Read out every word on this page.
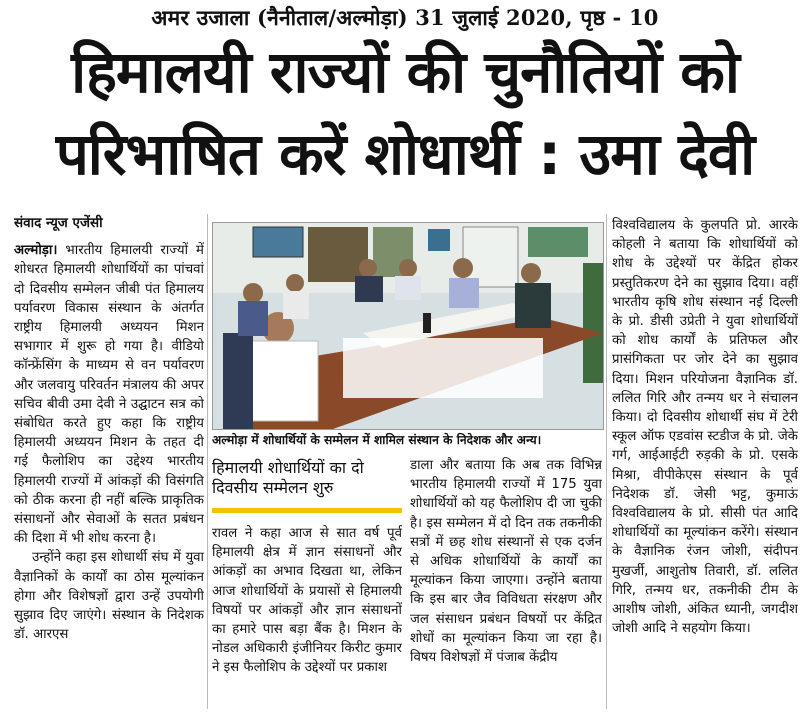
अमर उजाला (नैनीताल/अल्मोड़ा) 31 जुलाई 2020, पृष्ठ - 10
हिमालयी राज्यों की चुनौतियों को
परिभाषित करें शोधार्थी : उमा देवी
संवाद न्यूज एजेंसी

अल्मोड़ा। भारतीय हिमालयी राज्यों में शोधरत हिमालयी शोधार्थियों का पांचवां दो दिवसीय सम्मेलन जीबी पंत हिमालय पर्यावरण विकास संस्थान के अंतर्गत राष्ट्रीय हिमालयी अध्ययन मिशन सभागार में शुरू हो गया है। वीडियो कॉन्फ्रेंसिंग के माध्यम से वन पर्यावरण और जलवायु परिवर्तन मंत्रालय की अपर सचिव बीवी उमा देवी ने उद्घाटन सत्र को संबोधित करते हुए कहा कि राष्ट्रीय हिमालयी अध्ययन मिशन के तहत दी गई फैलोशिप का उद्देश्य भारतीय हिमालयी राज्यों में आंकड़ों की विसंगति को ठीक करना ही नहीं बल्कि प्राकृतिक संसाधनों और सेवाओं के सतत प्रबंधन की दिशा में भी शोध करना है।

उन्होंने कहा इस शोधार्थी संघ में युवा वैज्ञानिकों के कार्यों का ठोस मूल्यांकन होगा और विशेषज्ञों द्वारा उन्हें उपयोगी सुझाव दिए जाएंगे। संस्थान के निदेशक डॉ. आरएस

अल्मोड़ा में शोधार्थियों के सम्मेलन में शामिल संस्थान के निदेशक और अन्य।
हिमालयी शोधार्थियों का दो दिवसीय सम्मेलन शुरु

रावल ने कहा आज से सात वर्ष पूर्व हिमालयी क्षेत्र में ज्ञान संसाधनों और आंकड़ों का अभाव दिखता था, लेकिन आज शोधार्थियों के प्रयासों से हिमालयी विषयों पर आंकड़ों और ज्ञान संसाधनों का हमारे पास बड़ा बैंक है। मिशन के नोडल अधिकारी इंजीनियर किरीट कुमार ने इस फैलोशिप के उद्देश्यों पर प्रकाश

डाला और बताया कि अब तक विभिन्न भारतीय हिमालयी राज्यों में 175 युवा शोधार्थियों को यह फैलोशिप दी जा चुकी है। इस सम्मेलन में दो दिन तक तकनीकी सत्रों में छह शोध संस्थानों से एक दर्जन से अधिक शोधार्थियों के कार्यों का मूल्यांकन किया जाएगा। उन्होंने बताया कि इस बार जैव विविधता संरक्षण और जल संसाधन प्रबंधन विषयों पर केंद्रित शोधों का मूल्यांकन किया जा रहा है। विषय विशेषज्ञों में पंजाब केंद्रीय

विश्वविद्यालय के कुलपति प्रो. आरके कोहली ने बताया कि शोधार्थियों को शोध के उद्देश्यों पर केंद्रित होकर प्रस्तुतिकरण देने का सुझाव दिया। वहीं भारतीय कृषि शोध संस्थान नई दिल्ली के प्रो. डीसी उप्रेती ने युवा शोधार्थियों को शोध कार्यों के प्रतिफल और प्रासंगिकता पर जोर देने का सुझाव दिया। मिशन परियोजना वैज्ञानिक डॉ. ललित गिरि और तन्मय धर ने संचालन किया। दो दिवसीय शोधार्थी संघ में टेरी स्कूल ऑफ एडवांस स्टडीज के प्रो. जेके गर्ग, आईआईटी रुड़की के प्रो. एसके मिश्रा, वीपीकेएस संस्थान के पूर्व निदेशक डॉ. जेसी भट्ट, कुमाऊं विश्वविद्यालय के प्रो. सीसी पंत आदि शोधार्थियों का मूल्यांकन करेंगे। संस्थान के वैज्ञानिक रंजन जोशी, संदीपन मुखर्जी, आशुतोष तिवारी, डॉ. ललित गिरि, तन्मय धर, तकनीकी टीम के आशीष जोशी, अंकित ध्यानी, जगदीश जोशी आदि ने सहयोग किया।
